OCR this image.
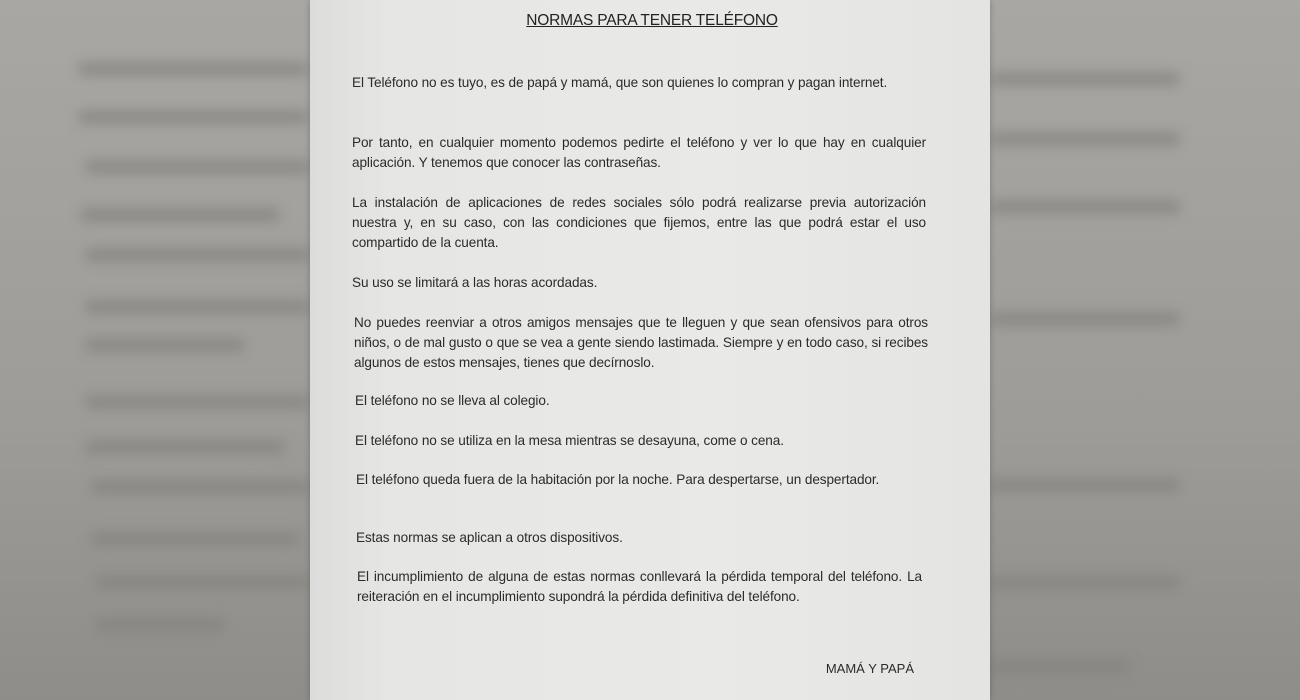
NORMAS PARA TENER TELÉFONO
El Teléfono no es tuyo, es de papá y mamá, que son quienes lo compran y pagan internet.
Por tanto, en cualquier momento podemos pedirte el teléfono y ver lo que hay en cualquier aplicación. Y tenemos que conocer las contraseñas.
La instalación de aplicaciones de redes sociales sólo podrá realizarse previa autorización nuestra y, en su caso, con las condiciones que fijemos, entre las que podrá estar el uso compartido de la cuenta.
Su uso se limitará a las horas acordadas.
No puedes reenviar a otros amigos mensajes que te lleguen y que sean ofensivos para otros niños, o de mal gusto o que se vea a gente siendo lastimada. Siempre y en todo caso, si recibes algunos de estos mensajes, tienes que decírnoslo.
El teléfono no se lleva al colegio.
El teléfono no se utiliza en la mesa mientras se desayuna, come o cena.
El teléfono queda fuera de la habitación por la noche. Para despertarse, un despertador.
Estas normas se aplican a otros dispositivos.
El incumplimiento de alguna de estas normas conllevará la pérdida temporal del teléfono. La reiteración en el incumplimiento supondrá la pérdida definitiva del teléfono.
MAMÁ Y PAPÁ
